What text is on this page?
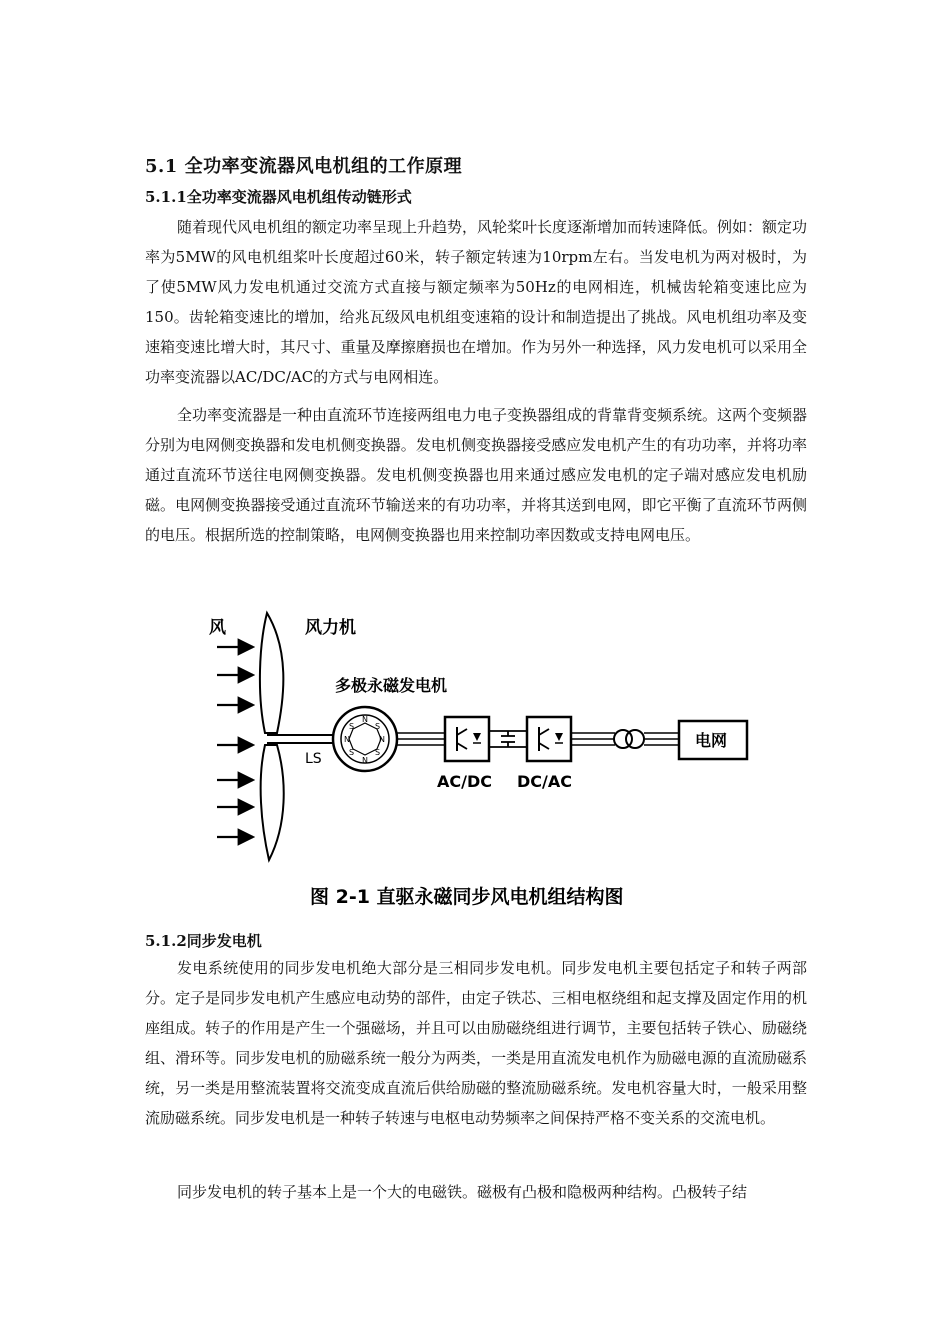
5.1 全功率变流器风电机组的工作原理
5.1.1全功率变流器风电机组传动链形式

随着现代风电机组的额定功率呈现上升趋势，风轮桨叶长度逐渐增加而转速降低。例如：额定功率为5MW的风电机组桨叶长度超过60米，转子额定转速为10rpm左右。当发电机为两对极时，为了使5MW风力发电机通过交流方式直接与额定频率为50Hz的电网相连，机械齿轮箱变速比应为150。齿轮箱变速比的增加，给兆瓦级风电机组变速箱的设计和制造提出了挑战。风电机组功率及变速箱变速比增大时，其尺寸、重量及摩擦磨损也在增加。作为另外一种选择，风力发电机可以采用全功率变流器以AC/DC/AC的方式与电网相连。

全功率变流器是一种由直流环节连接两组电力电子变换器组成的背靠背变频系统。这两个变频器分别为电网侧变换器和发电机侧变换器。发电机侧变换器接受感应发电机产生的有功功率，并将功率通过直流环节送往电网侧变换器。发电机侧变换器也用来通过感应发电机的定子端对感应发电机励磁。电网侧变换器接受通过直流环节输送来的有功功率，并将其送到电网，即它平衡了直流环节两侧的电压。根据所选的控制策略，电网侧变换器也用来控制功率因数或支持电网电压。

风	风力机
多极永磁发电机
LS
N
S
N
S
N
S
N
S
AC/DC DC/AC
电网
图 2-1 直驱永磁同步风电机组结构图
5.1.2同步发电机

发电系统使用的同步发电机绝大部分是三相同步发电机。同步发电机主要包括定子和转子两部分。定子是同步发电机产生感应电动势的部件，由定子铁芯、三相电枢绕组和起支撑及固定作用的机座组成。转子的作用是产生一个强磁场，并且可以由励磁绕组进行调节，主要包括转子铁心、励磁绕组、滑环等。同步发电机的励磁系统一般分为两类，一类是用直流发电机作为励磁电源的直流励磁系统，另一类是用整流装置将交流变成直流后供给励磁的整流励磁系统。发电机容量大时，一般采用整流励磁系统。同步发电机是一种转子转速与电枢电动势频率之间保持严格不变关系的交流电机。

同步发电机的转子基本上是一个大的电磁铁。磁极有凸极和隐极两种结构。凸极转子结
